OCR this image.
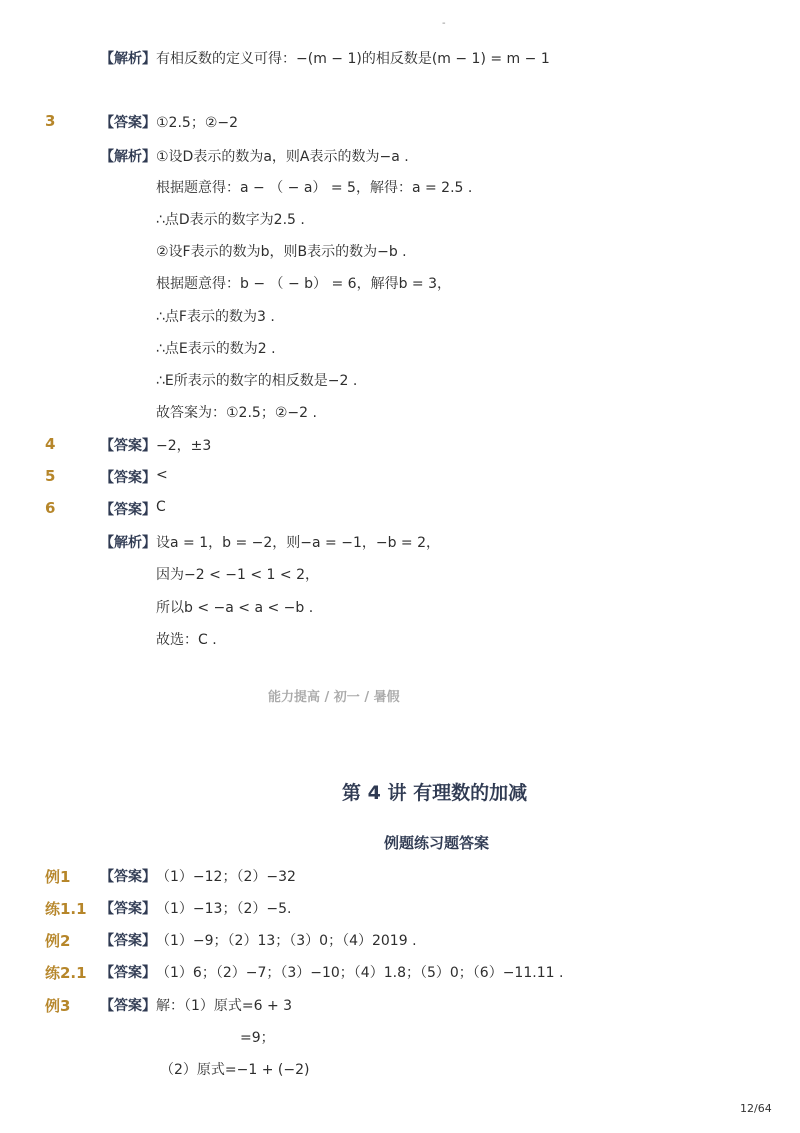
-
【解析】 有相反数的定义可得：−(m − 1)的相反数是(m − 1) = m − 1
3	【答案】 ①2.5；②−2
【解析】 ①设D表示的数为a，则A表示的数为−a .
根据题意得：a − （ − a） = 5，解得：a = 2.5 .
∴点D表示的数字为2.5 .
②设F表示的数为b，则B表示的数为−b .
根据题意得：b − （ − b） = 6，解得b = 3，
∴点F表示的数为3 .
∴点E表示的数为2 .
∴E所表示的数字的相反数是−2 .
故答案为：①2.5；②−2 .
4	【答案】 −2，±3
5	【答案】 <
6	【答案】 C
【解析】 设a = 1，b = −2，则−a = −1，−b = 2，
因为−2 < −1 < 1 < 2，
所以b < −a < a < −b .
故选：C .
能力提高 / 初一 / 暑假
第 4 讲 有理数的加减
例题练习题答案
例1 【答案】 （1）−12；（2）−32
练1.1 【答案】 （1）−13；（2）−5.
例2 【答案】 （1）−9；（2）13；（3）0；（4）2019 .
练2.1 【答案】 （1）6；（2）−7；（3）−10；（4）1.8；（5）0；（6）−11.11 .
例3 【答案】 解：（1）原式=6 + 3
=9；
（2）原式=−1 + (−2)
12/64
